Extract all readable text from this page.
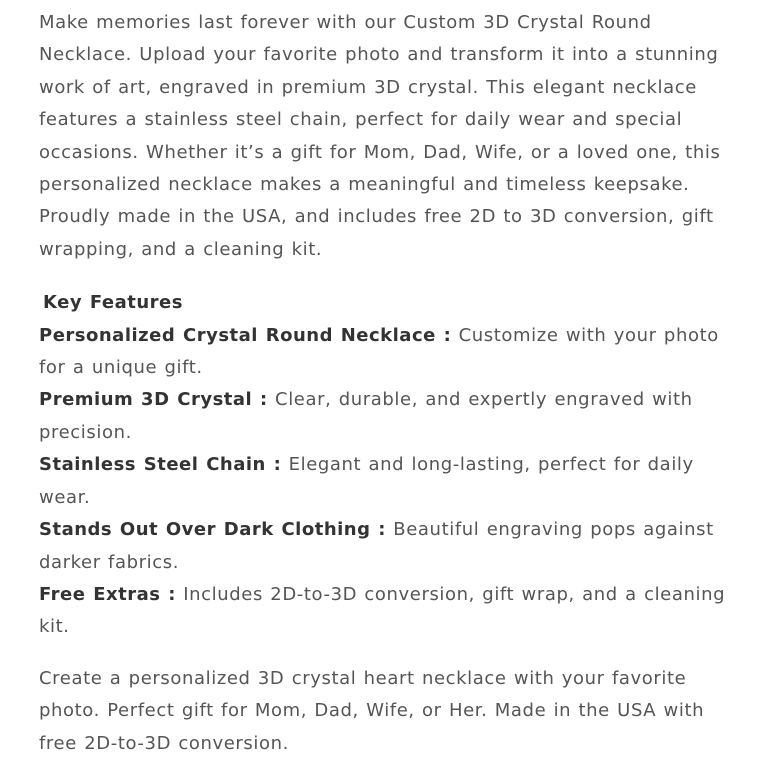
Make memories last forever with our Custom 3D Crystal Round Necklace. Upload your favorite photo and transform it into a stunning work of art, engraved in premium 3D crystal. This elegant necklace features a stainless steel chain, perfect for daily wear and special occasions. Whether it’s a gift for Mom, Dad, Wife, or a loved one, this personalized necklace makes a meaningful and timeless keepsake. Proudly made in the USA, and includes free 2D to 3D conversion, gift wrapping, and a cleaning kit.

Key Features

Personalized Crystal Round Necklace : Customize with your photo for a unique gift.

Premium 3D Crystal : Clear, durable, and expertly engraved with precision.

Stainless Steel Chain : Elegant and long-lasting, perfect for daily wear.

Stands Out Over Dark Clothing : Beautiful engraving pops against darker fabrics.

Free Extras : Includes 2D-to-3D conversion, gift wrap, and a cleaning kit.

Create a personalized 3D crystal heart necklace with your favorite photo. Perfect gift for Mom, Dad, Wife, or Her. Made in the USA with free 2D-to-3D conversion.
